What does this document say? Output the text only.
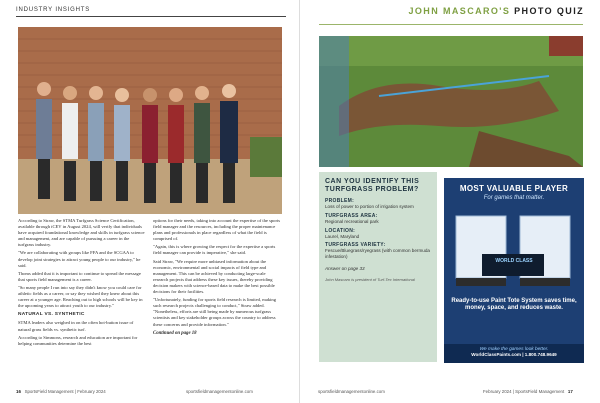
INDUSTRY INSIGHTS

According to Straw, the STMA Turfgrass Science Certification, available through iCEV in August 2024, will verify that individuals have acquired foundational knowledge and skills in turfgrass science and management, and are capable of pursuing a career in the turfgrass industry.

"We are collaborating with groups like FFA and the SCGAA to develop joint strategies to attract young people to our industry," he said.

Thoms added that it is important to continue to spread the message that sports field management is a career.

"So many people I run into say they didn't know you could care for athletic fields as a career, or say they wished they knew about this career at a younger age. Reaching out to high schools will be key in the upcoming years to attract youth to our industry."

NATURAL VS. SYNTHETIC

STMA leaders also weighed in on the often hot-button issue of natural grass fields vs. synthetic turf.

According to Simmons, research and education are important for helping communities determine the best

options for their needs, taking into account the expertise of the sports field manager and the resources, including the proper maintenance plans and professionals in place regardless of what the field is comprised of.

"Again, this is where growing the respect for the expertise a sports field manager can provide is imperative," she said.

Said Straw, "We require more unbiased information about the economic, environmental and social impacts of field type and management. This can be achieved by conducting large-scale research projects that address these key issues, thereby providing decision makers with science-based data to make the best possible decisions for their facilities.

"Unfortunately, funding for sports field research is limited, making such research projects challenging to conduct," Straw added. "Nonetheless, efforts are still being made by numerous turfgrass scientists and key stakeholder groups across the country to address these concerns and provide information."

Continued on page 18
16 SportsField Management | February 2024	sportsfieldmanagementonline.com
JOHN MASCARO'S PHOTO QUIZ
CAN YOU IDENTIFY THIS TURFGRASS PROBLEM?
PROBLEM:
Loss of power to portion of irrigation system
TURFGRASS AREA:
Regional recreational park
LOCATION:
Laurel, Maryland
TURFGRASS VARIETY:
Fescue/Bluegrass/ryegrass (with common bermuda infestation)
Answer on page 33
John Mascaro is president of Turf-Tec International
MOST VALUABLE PLAYER
For games that matter.
WORLD CLASS
Ready-to-use Paint Tote System saves time, money, space, and reduces waste.
We make the games look better.
WorldClassPaints.com | 1.800.748.9649
sportsfieldmanagementonline.com	February 2024 | SportsField Management 17
